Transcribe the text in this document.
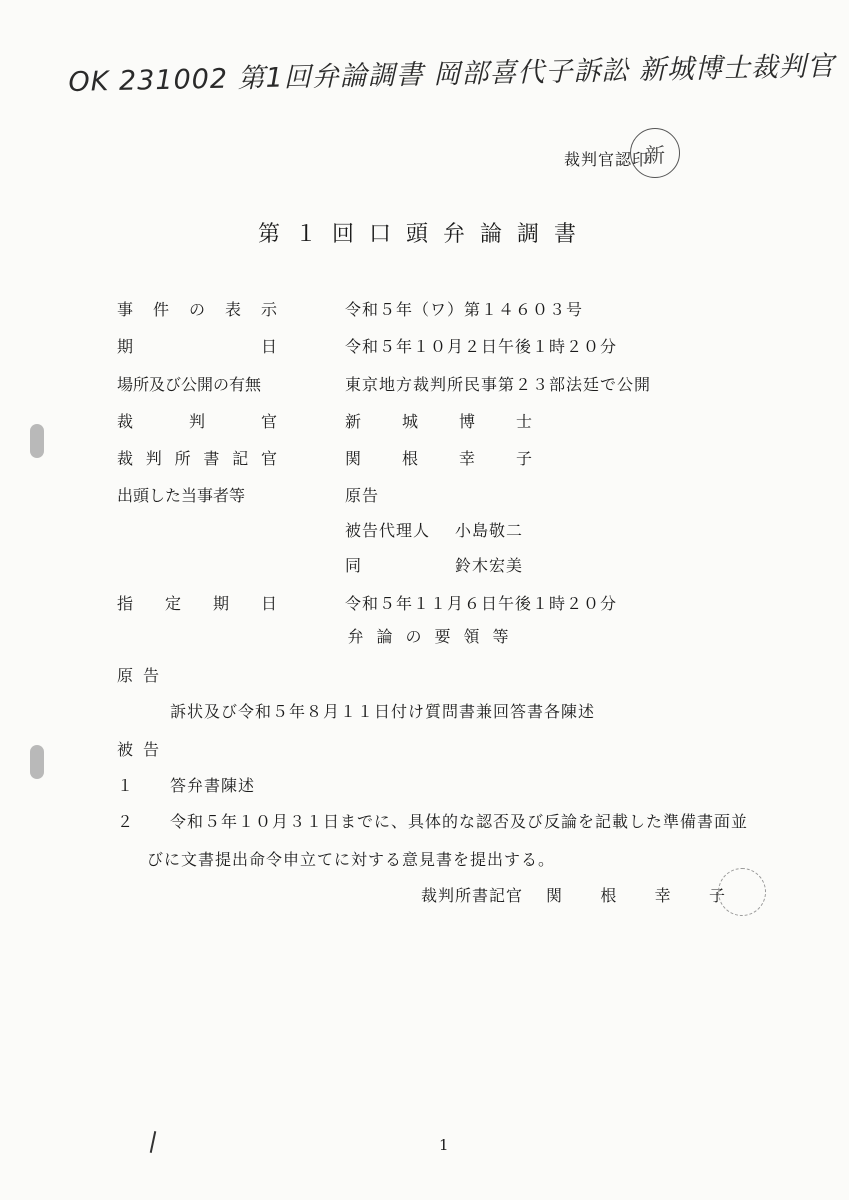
OK 231002 第1回弁論調書 岡部喜代子訴訟 新城博士裁判官
裁判官認印
新
第１回口頭弁論調書
事 件 の 表 示	令和５年（ワ）第１４６０３号
期	日	令和５年１０月２日午後１時２０分
場所及び公開の有無	東京地方裁判所民事第２３部法廷で公開
裁	判	官	新 城 博 士
裁 判 所 書 記 官	関 根 幸 子
出頭した当事者等	原告
被告代理人 小島敬二
同	鈴木宏美
指 定 期 日	令和５年１１月６日午後１時２０分
弁論の要領等
原 告
訴状及び令和５年８月１１日付け質問書兼回答書各陳述
被 告
１ 答弁書陳述
２ 令和５年１０月３１日までに、具体的な認否及び反論を記載した準備書面並
びに文書提出命令申立てに対する意見書を提出する。
裁判所書記官 関 根 幸 子
1
